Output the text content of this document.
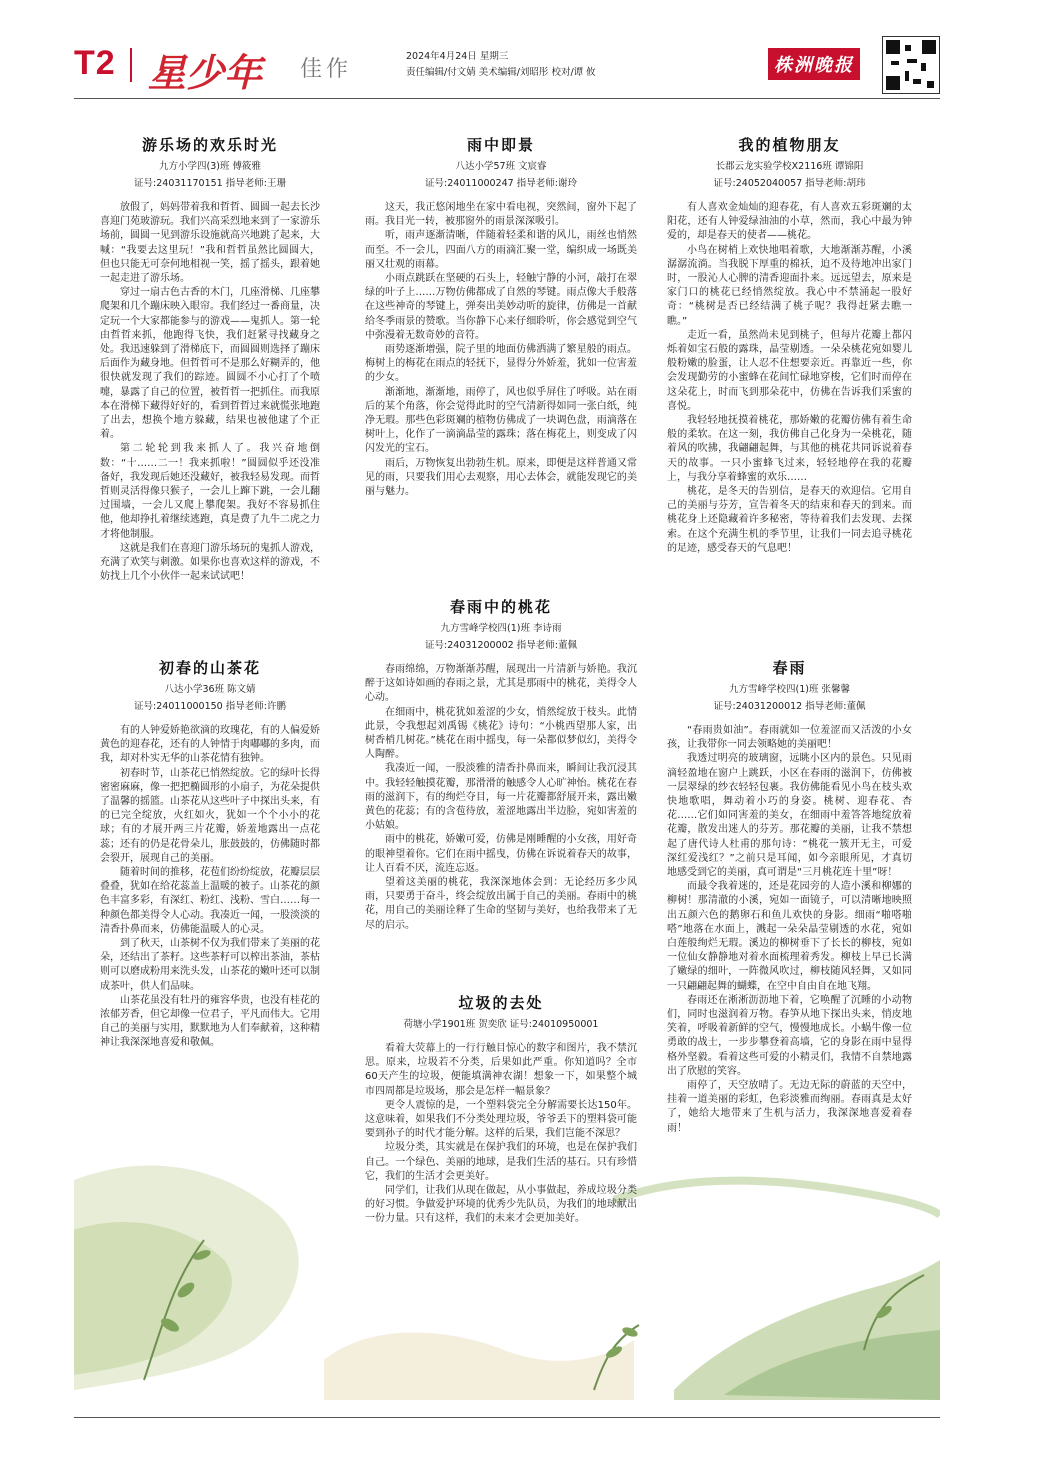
T2 星少年 佳作
2024年4月24日 星期三
责任编辑/付文婧 美术编辑/刘昭彤 校对/谭 攸	株洲晚报
游乐场的欢乐时光
九方小学四(3)班 傅筱雅
证号:24031170151 指导老师:王珊

放假了，妈妈带着我和哲哲、圆圆一起去长沙喜迎门苑玻游玩。我们兴高采烈地来到了一家游乐场前，圆圆一见到游乐设施就高兴地跳了起来，大喊：“我要去这里玩！”我和哲哲虽然比圆圆大，但也只能无可奈何地相视一笑，摇了摇头，跟着她一起走进了游乐场。

穿过一扇古色古香的木门，几座滑梯、几座攀爬架和几个蹦床映入眼帘。我们经过一番商量，决定玩一个大家都能参与的游戏——鬼抓人。第一轮由哲哲来抓，他跑得飞快，我们赶紧寻找藏身之处。我迅速躲到了滑梯底下，而圆圆则选择了蹦床后面作为藏身地。但哲哲可不是那么好糊弄的，他很快就发现了我们的踪迹。圆圆不小心打了个喷嚏，暴露了自己的位置，被哲哲一把抓住。而我原本在滑梯下藏得好好的，看到哲哲过来就慌张地跑了出去，想换个地方躲藏，结果也被他逮了个正着。

第二轮轮到我来抓人了。我兴奋地倒数：“十……二一！我来抓啦！”圆圆似乎还没准备好，我发现后她还没藏好，被我轻易发现。而哲哲则灵活得像只猴子，一会儿上蹿下跳，一会儿翻过围墙，一会儿又爬上攀爬架。我好不容易抓住他，他却挣扎着继续逃跑，真是费了九牛二虎之力才将他制服。

这就是我们在喜迎门游乐场玩的鬼抓人游戏，充满了欢笑与刺激。如果你也喜欢这样的游戏，不妨找上几个小伙伴一起来试试吧！

初春的山茶花
八达小学36班 陈文婧
证号:24011000150 指导老师:许鹏

有的人钟爱娇艳欲滴的玫瑰花，有的人偏爱娇黄色的迎春花，还有的人钟情于肉嘟嘟的多肉，而我，却对朴实无华的山茶花情有独钟。

初春时节，山茶花已悄然绽放。它的绿叶长得密密麻麻，像一把把椭圆形的小扇子，为花朵提供了温馨的摇篮。山茶花从这些叶子中探出头来，有的已完全绽放，火红如火，犹如一个个小小的花球；有的才展开两三片花瓣，娇羞地露出一点花蕊；还有的仍是花骨朵儿，胀鼓鼓的，仿佛随时都会裂开，展现自己的美丽。

随着时间的推移，花苞们纷纷绽放，花瓣层层叠叠，犹如在给花蕊盖上温暖的被子。山茶花的颜色丰富多彩，有深红、粉红、浅粉、雪白……每一种颜色都美得令人心动。我凑近一闻，一股淡淡的清香扑鼻而来，仿佛能温暖人的心灵。

到了秋天，山茶树不仅为我们带来了美丽的花朵，还结出了茶籽。这些茶籽可以榨出茶油，茶枯则可以磨成粉用来洗头发，山茶花的嫩叶还可以制成茶叶，供人们品味。

山茶花虽没有牡丹的雍容华贵，也没有桂花的浓郁芳香，但它却像一位君子，平凡而伟大。它用自己的美丽与实用，默默地为人们奉献着，这种精神让我深深地喜爱和敬佩。

雨中即景
八达小学57班 文宸睿
证号:24011000247 指导老师:谢玲

这天，我正悠闲地坐在家中看电视，突然间，窗外下起了雨。我目光一转，被那窗外的雨景深深吸引。

听，雨声逐渐清晰，伴随着轻柔和谐的风儿，雨丝也悄然而至。不一会儿，四面八方的雨滴汇聚一堂，编织成一场既美丽又壮观的雨幕。

小雨点跳跃在坚硬的石头上，轻触宁静的小河，敲打在翠绿的叶子上……万物仿佛都成了自然的琴键。雨点像大手般落在这些神奇的琴键上，弹奏出美妙动听的旋律，仿佛是一首献给冬季雨景的赞歌。当你静下心来仔细聆听，你会感觉到空气中弥漫着无数奇妙的音符。

雨势逐渐增强，院子里的地面仿佛洒满了繁星般的雨点。梅树上的梅花在雨点的轻抚下，显得分外娇羞，犹如一位害羞的少女。

渐渐地，渐渐地，雨停了，风也似乎屏住了呼吸。站在雨后的某个角落，你会觉得此时的空气清新得如同一张白纸，纯净无瑕。那些色彩斑斓的植物仿佛成了一块调色盘，雨滴落在树叶上，化作了一滴滴晶莹的露珠；落在梅花上，则变成了闪闪发光的宝石。

雨后，万物恢复出勃勃生机。原来，即便是这样普通又常见的雨，只要我们用心去观察，用心去体会，就能发现它的美丽与魅力。

春雨中的桃花
九方雪峰学校四(1)班 李诗雨
证号:24031200002 指导老师:董佩

春雨绵绵，万物渐渐苏醒，展现出一片清新与娇艳。我沉醉于这如诗如画的春雨之景，尤其是那雨中的桃花，美得令人心动。

在细雨中，桃花犹如羞涩的少女，悄然绽放于枝头。此情此景，令我想起刘禹锡《桃花》诗句：“小桃西望那人家，出树香梢几树花。”桃花在雨中摇曳，每一朵都似梦似幻，美得令人陶醉。

我凑近一闻，一股淡雅的清香扑鼻而来，瞬间让我沉浸其中。我轻轻触摸花瓣，那滑滑的触感令人心旷神怡。桃花在春雨的滋润下，有的绚烂夺目，每一片花瓣都舒展开来，露出嫩黄色的花蕊；有的含苞待放，羞涩地露出半边脸，宛如害羞的小姑娘。

雨中的桃花，娇嫩可爱，仿佛是刚睡醒的小女孩，用好奇的眼神望着你。它们在雨中摇曳，仿佛在诉说着春天的故事，让人百看不厌，流连忘返。

望着这美丽的桃花，我深深地体会到：无论经历多少风雨，只要勇于奋斗，终会绽放出属于自己的美丽。春雨中的桃花，用自己的美丽诠释了生命的坚韧与美好，也给我带来了无尽的启示。

垃圾的去处
荷塘小学1901班 贺奕欣 证号:24010950001

看着大荧幕上的一行行触目惊心的数字和图片，我不禁沉思。原来，垃圾若不分类，后果如此严重。你知道吗？全市60天产生的垃圾，便能填满神农湖！想象一下，如果整个城市四周都是垃圾场，那会是怎样一幅景象？

更令人震惊的是，一个塑料袋完全分解需要长达150年。这意味着，如果我们不分类处理垃圾，爷爷丢下的塑料袋可能要到孙子的时代才能分解。这样的后果，我们岂能不深思？

垃圾分类，其实就是在保护我们的环境，也是在保护我们自己。一个绿色、美丽的地球，是我们生活的基石。只有珍惜它，我们的生活才会更美好。

同学们，让我们从现在做起，从小事做起，养成垃圾分类的好习惯。争做爱护环境的优秀少先队员，为我们的地球献出一份力量。只有这样，我们的未来才会更加美好。

我的植物朋友
长郡云龙实验学校X2116班 谭锦阳
证号:24052040057 指导老师:胡玮

有人喜欢金灿灿的迎春花，有人喜欢五彩斑斓的太阳花，还有人钟爱绿油油的小草，然而，我心中最为钟爱的，却是春天的使者——桃花。

小鸟在树梢上欢快地唱着歌，大地渐渐苏醒，小溪潺潺流淌。当我脱下厚重的棉袄，迫不及待地冲出家门时，一股沁人心脾的清香迎面扑来。远远望去，原来是家门口的桃花已经悄然绽放。我心中不禁涌起一股好奇：“桃树是否已经结满了桃子呢？我得赶紧去瞧一瞧。”

走近一看，虽然尚未见到桃子，但每片花瓣上都闪烁着如宝石般的露珠，晶莹剔透。一朵朵桃花宛如婴儿般粉嫩的脸蛋，让人忍不住想要亲近。再靠近一些，你会发现勤劳的小蜜蜂在花间忙碌地穿梭，它们时而停在这朵花上，时而飞到那朵花中，仿佛在告诉我们采蜜的喜悦。

我轻轻地抚摸着桃花，那娇嫩的花瓣仿佛有着生命般的柔软。在这一刻，我仿佛自己化身为一朵桃花，随着风的吹拂，我翩翩起舞，与其他的桃花共同诉说着春天的故事。一只小蜜蜂飞过来，轻轻地停在我的花瓣上，与我分享着蜂蜜的欢乐……

桃花，是冬天的告别信，是春天的欢迎信。它用自己的美丽与芬芳，宣告着冬天的结束和春天的到来。而桃花身上还隐藏着许多秘密，等待着我们去发现、去探索。在这个充满生机的季节里，让我们一同去追寻桃花的足迹，感受春天的气息吧！

春雨
九方雪峰学校四(1)班 张馨馨
证号:24031200012 指导老师:董佩

“春雨贵如油”。春雨就如一位羞涩而又活泼的小女孩，让我带你一同去领略她的美丽吧！

我透过明亮的玻璃窗，远眺小区内的景色。只见雨滴轻盈地在窗户上跳跃，小区在春雨的滋润下，仿佛被一层翠绿的纱衣轻轻包裹。我仿佛能看见小鸟在枝头欢快地歌唱，舞动着小巧的身姿。桃树、迎春花、杏花……它们如同害羞的美女，在细雨中羞答答地绽放着花瓣，散发出迷人的芬芳。那花瓣的美丽，让我不禁想起了唐代诗人杜甫的那句诗：“桃花一簇开无主，可爱深红爱浅红？”之前只是耳闻，如今亲眼所见，才真切地感受到它的美丽，真可谓是“三月桃花连十里”呀！

而最令我着迷的，还是花园旁的人造小溪和柳娜的柳树！那清澈的小溪，宛如一面镜子，可以清晰地映照出五颜六色的鹅卵石和鱼儿欢快的身影。细雨“啪嗒啪嗒”地落在水面上，溅起一朵朵晶莹剔透的水花，宛如白莲般绚烂无瑕。溪边的柳树垂下了长长的柳枝，宛如一位仙女静静地对着水面梳理着秀发。柳枝上早已长满了嫩绿的细叶，一阵微风吹过，柳枝随风轻舞，又如同一只翩翩起舞的蝴蝶，在空中自由自在地飞翔。

春雨还在淅淅沥沥地下着，它唤醒了沉睡的小动物们，同时也滋润着万物。春笋从地下探出头来，悄皮地笑着，呼吸着新鲜的空气，慢慢地成长。小蜗牛像一位勇敢的战士，一步步攀登着高墙，它的身影在雨中显得格外坚毅。看着这些可爱的小精灵们，我情不自禁地露出了欣慰的笑容。

雨停了，天空放晴了。无边无际的蔚蓝的天空中，挂着一道美丽的彩虹，色彩淡雅而绚丽。春雨真是太好了，她给大地带来了生机与活力，我深深地喜爱着春雨！
